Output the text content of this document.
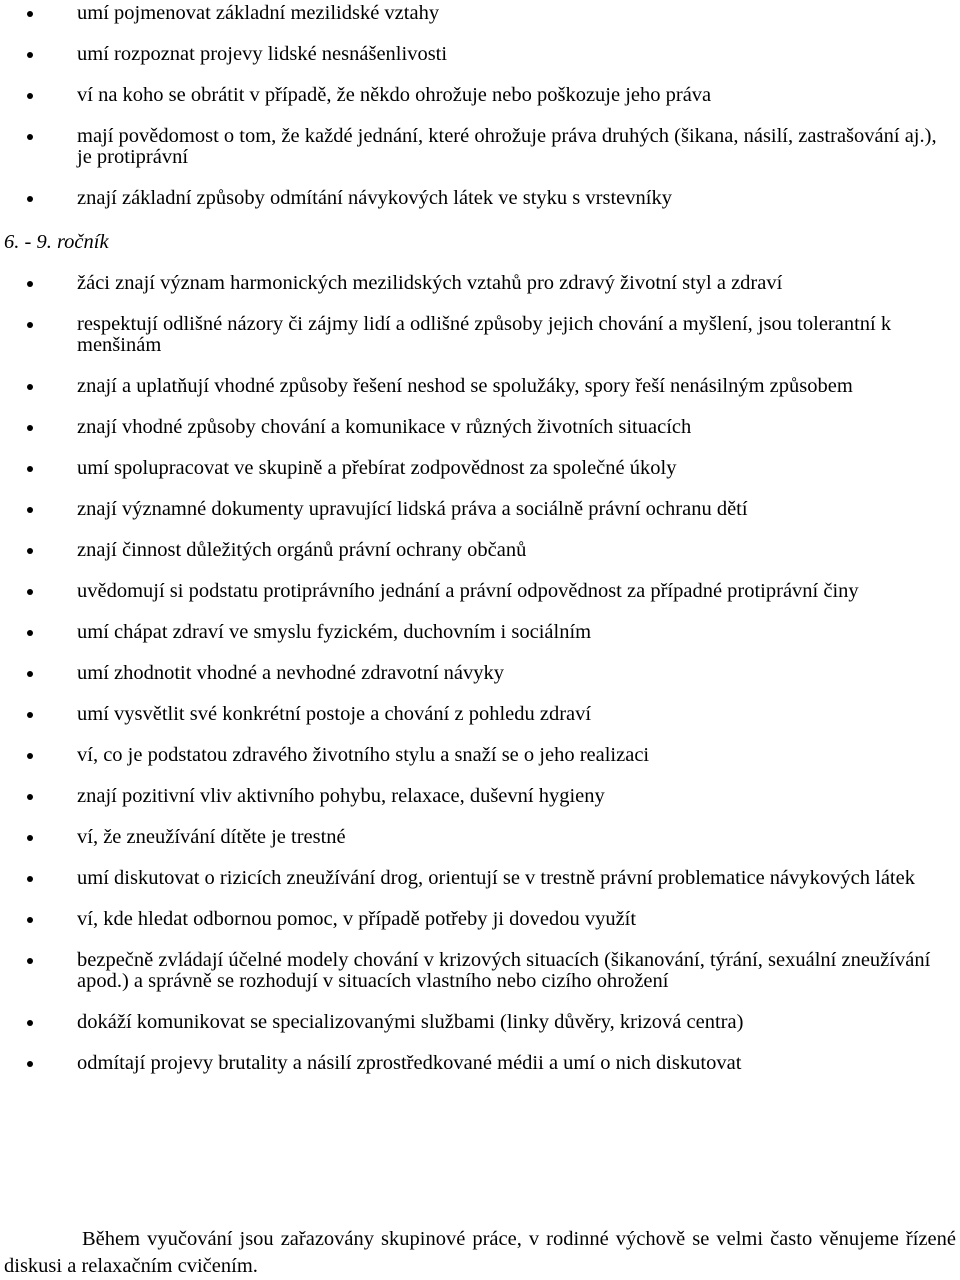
umí pojmenovat základní mezilidské vztahy
umí rozpoznat projevy lidské nesnášenlivosti
ví na koho se obrátit v případě, že někdo ohrožuje nebo poškozuje jeho práva
mají povědomost o tom, že každé jednání, které ohrožuje práva druhých (šikana, násilí, zastrašování aj.), je protiprávní
znají základní způsoby odmítání návykových látek ve styku s vrstevníky
6. - 9. ročník
žáci znají význam harmonických mezilidských vztahů pro zdravý životní styl a zdraví
respektují odlišné názory či zájmy lidí a odlišné způsoby jejich chování a myšlení, jsou tolerantní k menšinám
znají a uplatňují vhodné způsoby řešení neshod se spolužáky, spory řeší nenásilným způsobem
znají vhodné způsoby chování a komunikace v různých životních situacích
umí spolupracovat ve skupině a přebírat zodpovědnost za společné úkoly
znají významné dokumenty upravující lidská práva a sociálně právní ochranu dětí
znají činnost důležitých orgánů právní ochrany občanů
uvědomují si podstatu protiprávního jednání a právní odpovědnost za případné protiprávní činy
umí chápat zdraví ve smyslu fyzickém, duchovním i sociálním
umí zhodnotit vhodné a nevhodné zdravotní návyky
umí vysvětlit své konkrétní postoje a chování z pohledu zdraví
ví, co je podstatou zdravého životního stylu a snaží se o jeho realizaci
znají pozitivní vliv aktivního pohybu, relaxace, duševní hygieny
ví, že zneužívání dítěte je trestné
umí diskutovat o rizicích zneužívání drog, orientují se v trestně právní problematice návykových látek
ví, kde hledat odbornou pomoc, v případě potřeby ji dovedou využít
bezpečně zvládají účelné modely chování v krizových situacích (šikanování, týrání, sexuální zneužívání apod.) a správně se rozhodují v situacích vlastního nebo cizího ohrožení
dokáží komunikovat se specializovanými službami (linky důvěry, krizová centra)
odmítají projevy brutality a násilí zprostředkované médii a umí o nich diskutovat

Během vyučování jsou zařazovány skupinové práce, v rodinné výchově se velmi často věnujeme řízené diskusi a relaxačním cvičením.
